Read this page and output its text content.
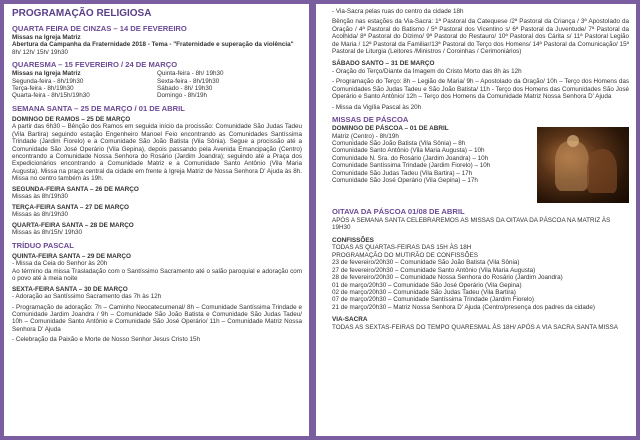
PROGRAMAÇÃO RELIGIOSA
QUARTA FEIRA DE CINZAS – 14 DE FEVEREIRO

Missas na Igreja Matriz

Abertura da Campanha da Fraternidade 2018 - Tema - "Fraternidade e superação da violência"

8h/ 12h/ 15h/ 19h30

QUARESMA – 15 FEVEREIRO / 24 DE MARÇO

Missas na Igreja Matriz

Segunda-feira - 8h/19h30

Terça-feira - 8h/19h30

Quarta-feira - 8h/15h/19h30

Quinta-feira - 8h/ 19h30

Sexta-feira - 8h/19h30

Sábado - 8h/ 19h30

Domingo - 8h/19h

SEMANA SANTA – 25 DE MARÇO / 01 DE ABRIL
DOMINGO DE RAMOS – 25 DE MARÇO

A partir das 6h30 – Bênção dos Ramos em seguida início da procissão: Comunidade São Judas Tadeu (Vila Bartira) seguindo estação Engenheiro Manoel Feio encontrando as Comunidades Santíssima Trindade (Jardim Fiorelo) e a Comunidade São João Batista (Vila Sônia). Segue a procissão até a Comunidade São José Operário (Vila Gepina), depois passando pela Avenida Emancipação (Centro) encontrando a Comunidade Nossa Senhora do Rosário (Jardim Joandra); seguindo até a Praça dos Expedicionários encontrando a Comunidade Matriz e a Comunidade Santo Antônio (Vila Maria Augusta). Missa na praça central da cidade em frente à Igreja Matriz de Nossa Senhora D' Ajuda às 8h. Missa no centro também às 19h.

SEGUNDA-FEIRA SANTA – 26 DE MARÇO

Missas às 8h/19h30

TERÇA-FEIRA SANTA – 27 DE MARÇO

Missas às 8h/19h30

QUARTA-FEIRA SANTA – 28 DE MARÇO

Missas às 8h/15h/ 19h30

TRÍDUO PASCAL
QUINTA-FEIRA SANTA – 29 DE MARÇO

- Missa da Ceia do Senhor às 20h

Ao término da missa Trasladação com o Santíssimo Sacramento até o salão paroquial e adoração com o povo até à meia noite

SEXTA-FEIRA SANTA – 30 DE MARÇO

- Adoração ao Santíssimo Sacramento das 7h às 12h

- Programação de adoração: 7h – Caminho Neocatecumenal/ 8h – Comunidade Santíssima Trindade e Comunidade Jardim Joandra / 9h – Comunidade São João Batista e Comunidade São Judas Tadeu/ 10h – Comunidade Santo Antônio e Comunidade São José Operário/ 11h – Comunidade Matriz Nossa Senhora D' Ajuda

- Celebração da Paixão e Morte de Nosso Senhor Jesus Cristo 15h

- Via-Sacra pelas ruas do centro da cidade 18h

Bênção nas estações da Via-Sacra: 1ª Pastoral da Catequese /2ª Pastoral da Criança / 3ª Apostolado da Oração / 4ª Pastoral do Batismo / 5ª Pastoral dos Vicentino s/ 6ª Pastoral da Juventude/ 7ª Pastoral da Acolhida/ 8ª Pastoral do Dízimo/ 9ª Pastoral do Restauro/ 10ª Pastoral dos Cárita s/ 11ª Pastoral Legião de Maria / 12ª Pastoral da Familiar/13ª Pastoral do Terço dos Homens/ 14ª Pastoral da Comunicação/ 15ª Pastoral de Liturgia (Leitores /Ministros / Coroinhas / Cerimoniários)

SÁBADO SANTO – 31 DE MARÇO

- Oração do Terço/Diante da Imagem do Cristo Morto das 8h às 12h

- Programação do Terço: 8h – Legião de Maria/ 9h – Apostolado da Oração/ 10h – Terço dos Homens das Comunidades São Judas Tadeu e São João Batista/ 11h - Terço dos Homens das Comunidades São José Operário e Santo Antônio/ 12h – Terço dos Homens da Comunidade Matriz Nossa Senhora D' Ajuda

- Missa da Vigília Pascal às 20h

MISSAS DE PÁSCOA
DOMINGO DE PÁSCOA – 01 DE ABRIL

Matriz (Centro) - 8h/19h

Comunidade São João Batista (Vila Sônia) – 8h

Comunidade Santo Antônio (Vila Maria Augusta) – 10h

Comunidade N. Sra. do Rosário (Jardim Joandra) – 10h

Comunidade Santíssima Trindade (Jardim Fiorelo) – 10h

Comunidade São Judas Tadeu (Vila Bartira) – 17h

Comunidade São José Operário (Vila Gepina) – 17h

OITAVA DA PÁSCOA 01/08 DE ABRIL

APÓS A SEMANA SANTA CELEBRAREMOS AS MISSAS DA OITAVA DA PÁSCOA NA MATRIZ ÀS 19H30

CONFISSÕES

TODAS AS QUARTAS-FEIRAS DAS 15H ÀS 18H

PROGRAMAÇÃO DO MUTIRÃO DE CONFISSÕES

23 de fevereiro/20h30 – Comunidade São João Batista (Vila Sônia)

27 de fevereiro/20h30 – Comunidade Santo Antônio (Vila Maria Augusta)

28 de fevereiro/20h30 – Comunidade Nossa Senhora do Rosário (Jardim Joandra)

01 de março/20h30 – Comunidade São José Operário (Vila Gepina)

02 de março/20h30 – Comunidade São Judas Tadeu (Vila Bartira)

07 de março/20h30 – Comunidade Santíssima Trindade (Jardim Fiorelo)

21 de março/20h30 – Matriz Nossa Senhora D' Ajuda (Centro/presença dos padres da cidade)

VIA-SACRA

TODAS AS SEXTAS-FEIRAS DO TEMPO QUARESMAL ÀS 18H/ APÓS A VIA SACRA SANTA MISSA
